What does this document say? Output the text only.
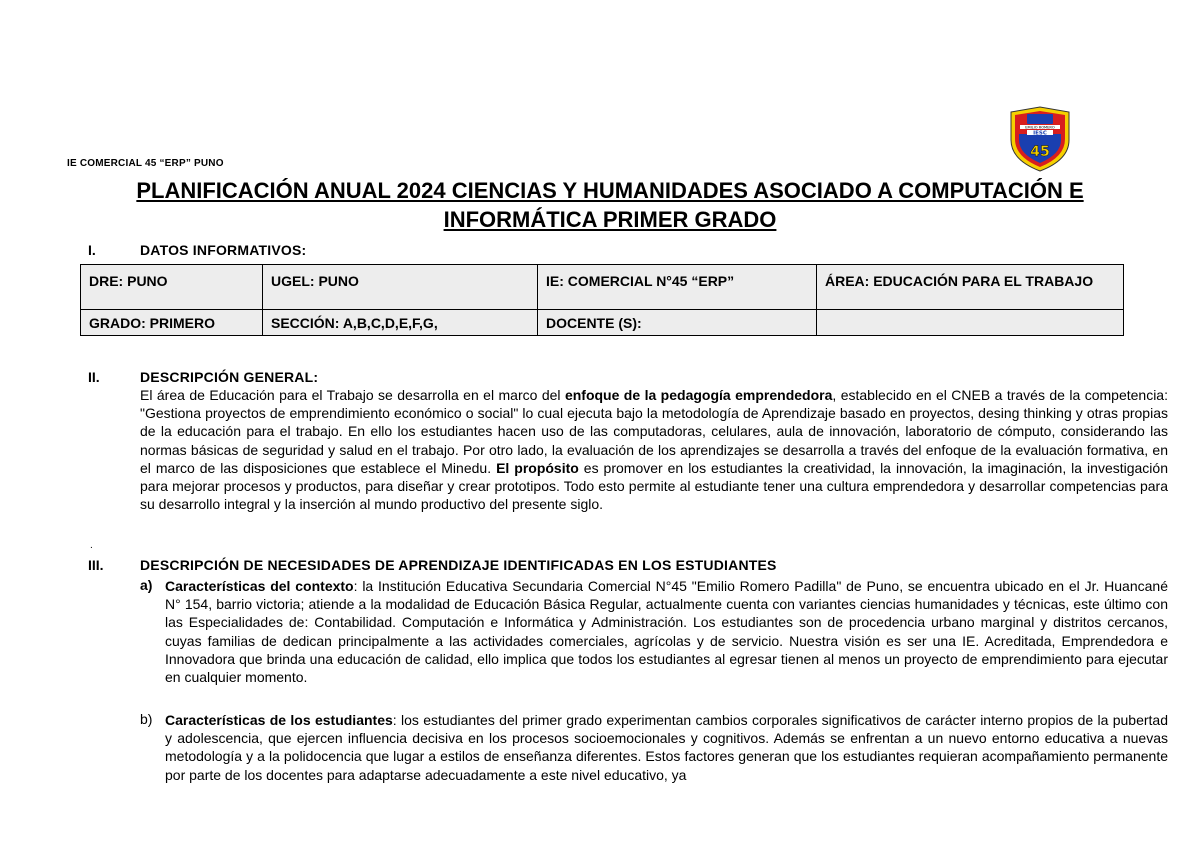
IE COMERCIAL 45 “ERP” PUNO
EMILIO ROMERO
IESC
45
PLANIFICACIÓN ANUAL 2024 CIENCIAS Y HUMANIDADES ASOCIADO A COMPUTACIÓN E
INFORMÁTICA PRIMER GRADO
I.	DATOS INFORMATIVOS:
DRE: PUNO	UGEL: PUNO	IE: COMERCIAL N°45 “ERP”	ÁREA: EDUCACIÓN PARA EL TRABAJO
GRADO: PRIMERO	SECCIÓN: A,B,C,D,E,F,G,	DOCENTE (S):	
II.	DESCRIPCIÓN GENERAL:
El área de Educación para el Trabajo se desarrolla en el marco del enfoque de la pedagogía emprendedora, establecido en el CNEB a través de la competencia: "Gestiona proyectos de emprendimiento económico o social" lo cual ejecuta bajo la metodología de Aprendizaje basado en proyectos, desing thinking y otras propias de la educación para el trabajo. En ello los estudiantes hacen uso de las computadoras, celulares, aula de innovación, laboratorio de cómputo, considerando las normas básicas de seguridad y salud en el trabajo. Por otro lado, la evaluación de los aprendizajes se desarrolla a través del enfoque de la evaluación formativa, en el marco de las disposiciones que establece el Minedu. El propósito es promover en los estudiantes la creatividad, la innovación, la imaginación, la investigación para mejorar procesos y productos, para diseñar y crear prototipos. Todo esto permite al estudiante tener una cultura emprendedora y desarrollar competencias para su desarrollo integral y la inserción al mundo productivo del presente siglo.
.
III.	DESCRIPCIÓN DE NECESIDADES DE APRENDIZAJE IDENTIFICADAS EN LOS ESTUDIANTES
a) Características del contexto: la Institución Educativa Secundaria Comercial N°45 "Emilio Romero Padilla" de Puno, se encuentra ubicado en el Jr. Huancané N° 154, barrio victoria; atiende a la modalidad de Educación Básica Regular, actualmente cuenta con variantes ciencias humanidades y técnicas, este último con las Especialidades de: Contabilidad. Computación e Informática y Administración. Los estudiantes son de procedencia urbano marginal y distritos cercanos, cuyas familias de dedican principalmente a las actividades comerciales, agrícolas y de servicio. Nuestra visión es ser una IE. Acreditada, Emprendedora e Innovadora que brinda una educación de calidad, ello implica que todos los estudiantes al egresar tienen al menos un proyecto de emprendimiento para ejecutar en cualquier momento.
b) Características de los estudiantes: los estudiantes del primer grado experimentan cambios corporales significativos de carácter interno propios de la pubertad y adolescencia, que ejercen influencia decisiva en los procesos socioemocionales y cognitivos. Además se enfrentan a un nuevo entorno educativa a nuevas metodología y a la polidocencia que lugar a estilos de enseñanza diferentes. Estos factores generan que los estudiantes requieran acompañamiento permanente por parte de los docentes para adaptarse adecuadamente a este nivel educativo, ya
